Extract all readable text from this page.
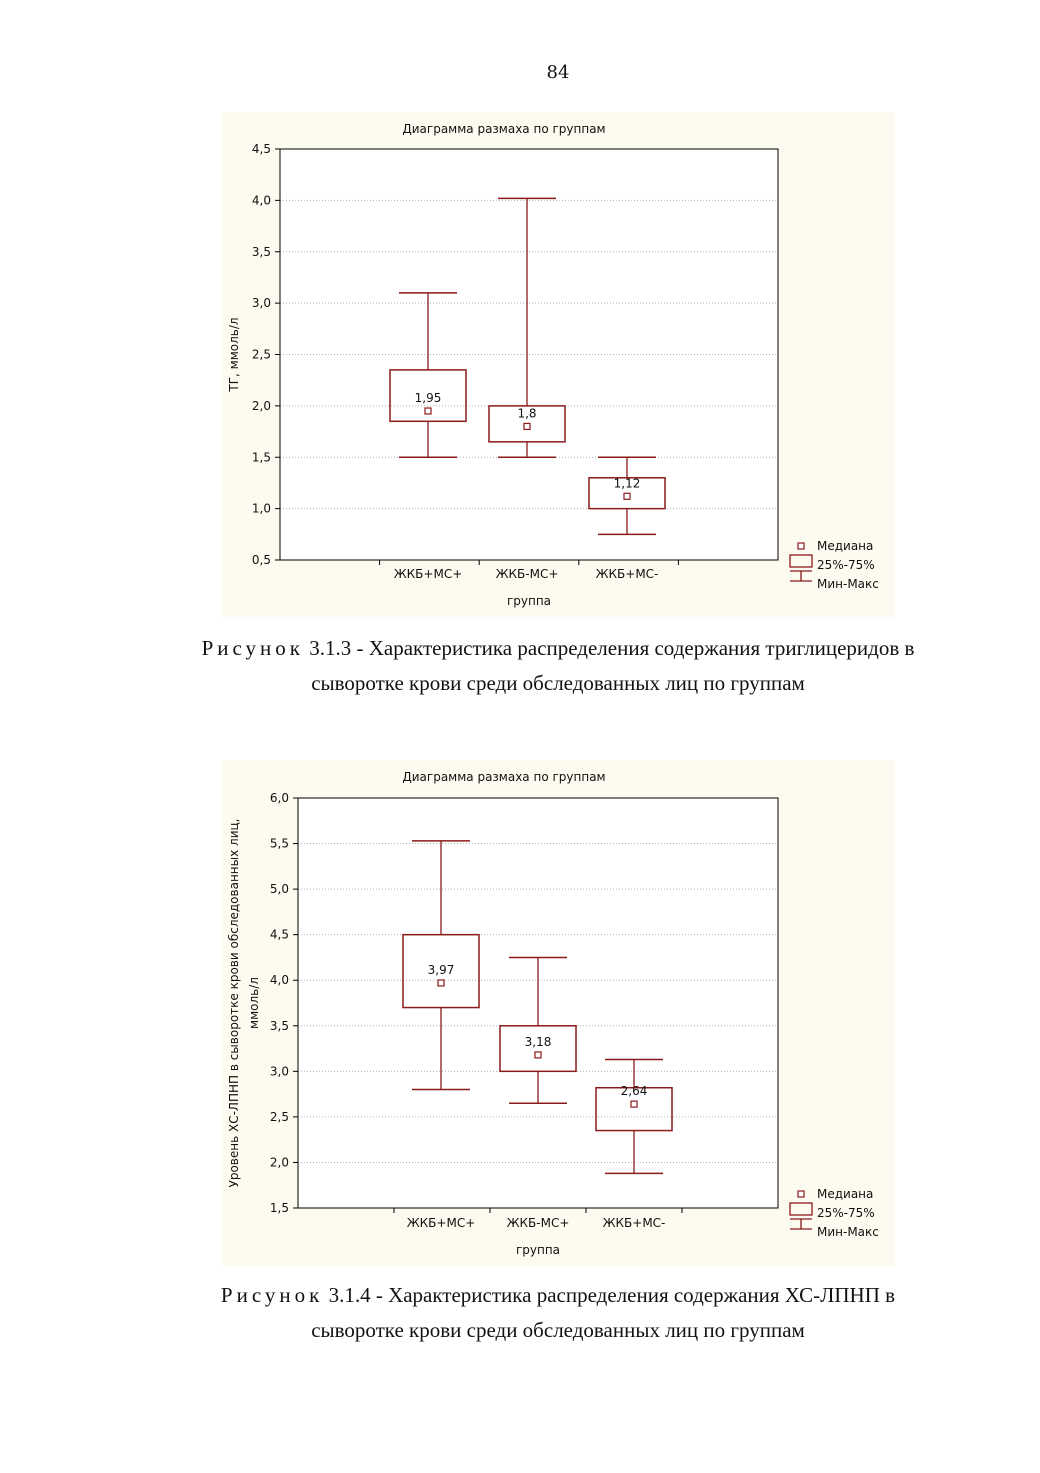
84
0,5
1,0
1,5
2,0
2,5
3,0
3,5
4,0
4,5
Диаграмма размаха по группам
группа
ТГ, ммоль/л
ЖКБ+МС+	ЖКБ-МС+	ЖКБ+МС-
1,95
1,8
1,12
Медиана
25%-75%
Мин-Макс
Рисунок 3.1.3 - Характеристика распределения содержания триглицеридов в
сыворотке крови среди обследованных лиц по группам
1,5
2,0
2,5
3,0
3,5
4,0
4,5
5,0
5,5
6,0
Диаграмма размаха по группам
группа
Уровень ХС-ЛПНП в сыворотке крови обследованных лиц, ммоль/л
ЖКБ+МС+	ЖКБ-МС+	ЖКБ+МС-
3,97
3,18
2,64
Медиана
25%-75%
Мин-Макс
Рисунок 3.1.4 - Характеристика распределения содержания ХС-ЛПНП в
сыворотке крови среди обследованных лиц по группам
